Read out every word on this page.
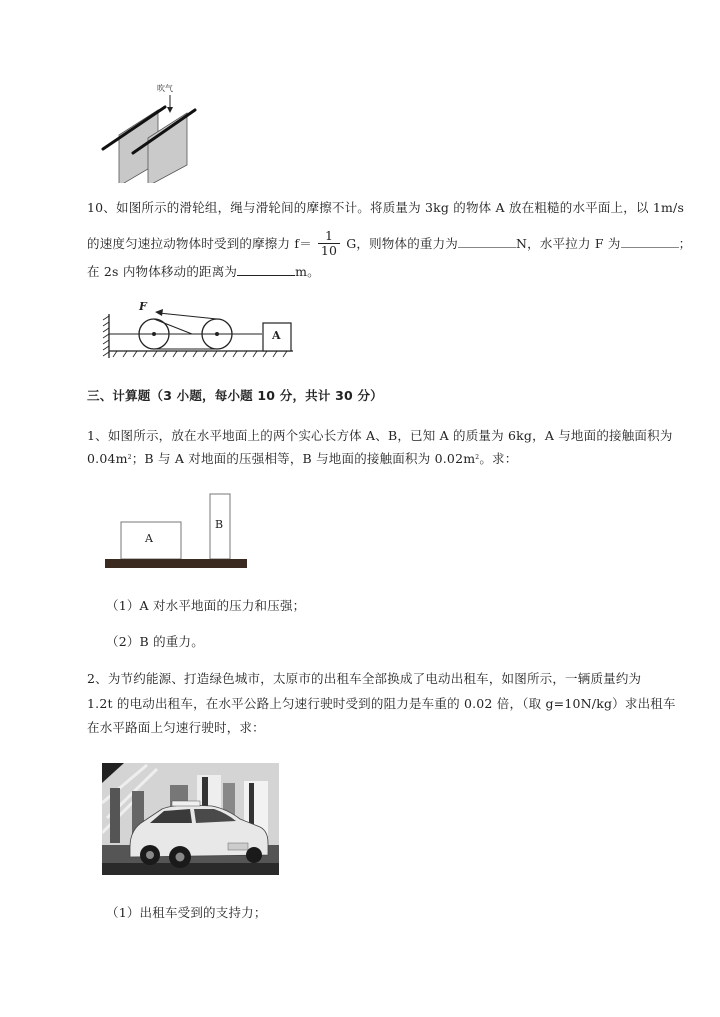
吹气
10、如图所示的滑轮组，绳与滑轮间的摩擦不计。将质量为 3kg 的物体 A 放在粗糙的水平面上，以 1m/s
的速度匀速拉动物体时受到的摩擦力 $f= \frac{1}{10}$ G，则物体的重力为	N，水平拉力 F 为	；
在 2s 内物体移动的距离为	m。
F
A
三、计算题（3 小题，每小题 10 分，共计 30 分）
1、如图所示，放在水平地面上的两个实心长方体 A、B，已知 A 的质量为 6kg，A 与地面的接触面积为
$0.04m^2$；B 与 A 对地面的压强相等，B 与地面的接触面积为 $0.02m^2$。求：
A
B
（1）A 对水平地面的压力和压强；
（2）B 的重力。
2、为节约能源、打造绿色城市，太原市的出租车全部换成了电动出租车，如图所示，一辆质量约为
1.2t 的电动出租车，在水平公路上匀速行驶时受到的阻力是车重的 0.02 倍，（取 g=10N/kg）求出租车
在水平路面上匀速行驶时，求：
（1）出租车受到的支持力；
